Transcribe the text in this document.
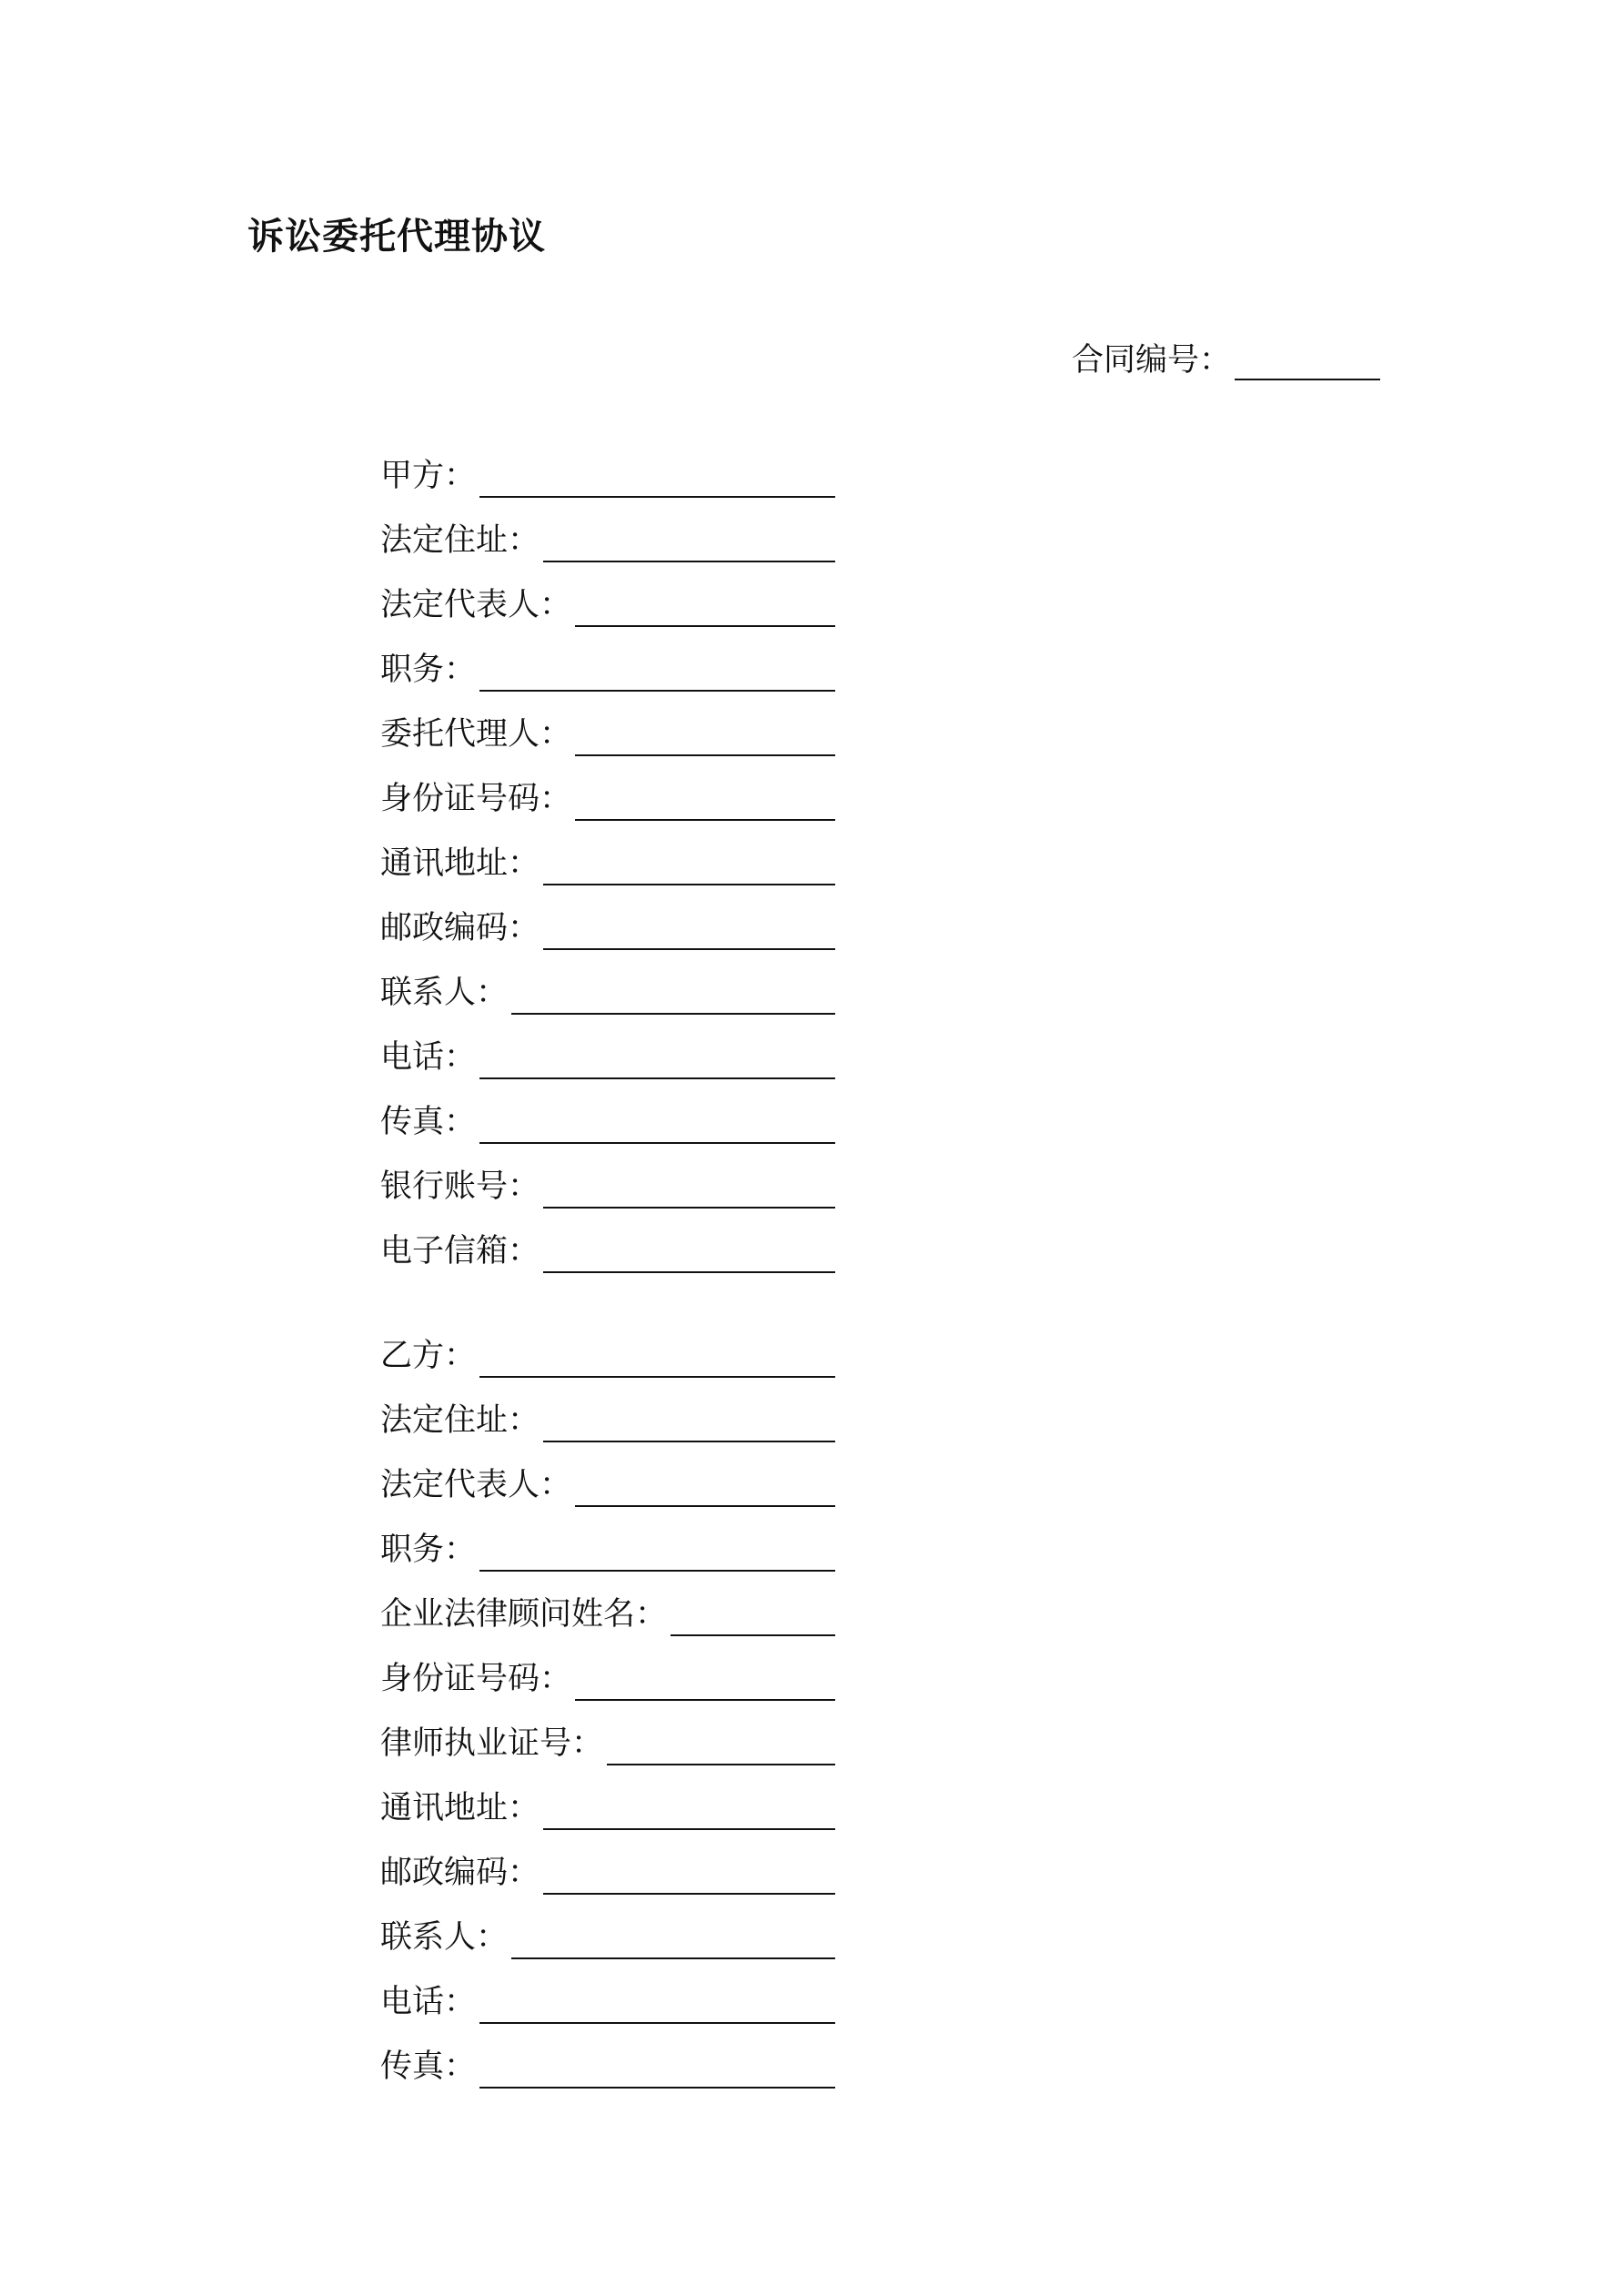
诉讼委托代理协议
合同编号：
甲方：
法定住址：
法定代表人：
职务：
委托代理人：
身份证号码：
通讯地址：
邮政编码：
联系人：
电话：
传真：
银行账号：
电子信箱：
乙方：
法定住址：
法定代表人：
职务：
企业法律顾问姓名：
身份证号码：
律师执业证号：
通讯地址：
邮政编码：
联系人：
电话：
传真：
